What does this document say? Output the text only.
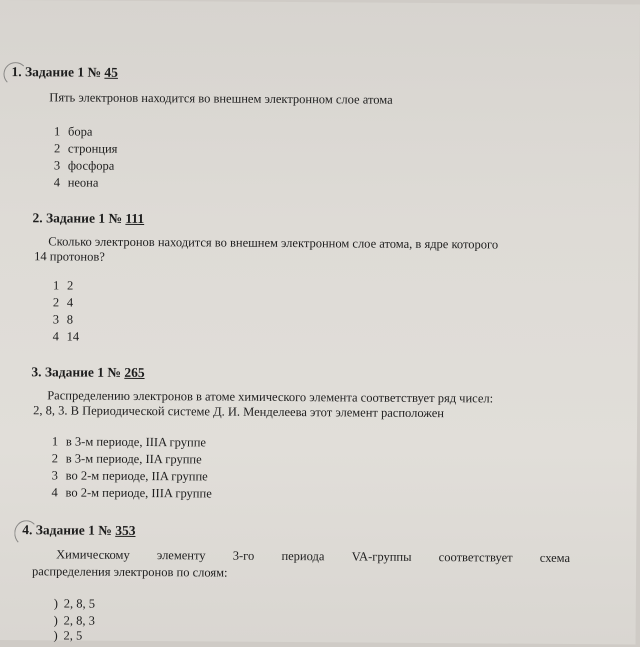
1. Задание 1 № 45
Пять электронов находится во внешнем электронном слое атома
1 бора
2 стронция
3 фосфора
4 неона
2. Задание 1 № 111
Сколько электронов находится во внешнем электронном слое атома, в ядре которого
14 протонов?
1 2
2 4
3 8
4 14
3. Задание 1 № 265
Распределению электронов в атоме химического элемента соответствует ряд чисел:
2, 8, 3. В Периодической системе Д. И. Менделеева этот элемент расположен
1 в 3-м периоде, IIIA группе
2 в 3-м периоде, IIA группе
3 во 2-м периоде, IIA группе
4 во 2-м периоде, IIIA группе
4. Задание 1 № 353
Химическому элементу 3-го периода VA-группы соответствует схема
распределения электронов по слоям:
) 2, 8, 5
) 2, 8, 3
) 2, 5
